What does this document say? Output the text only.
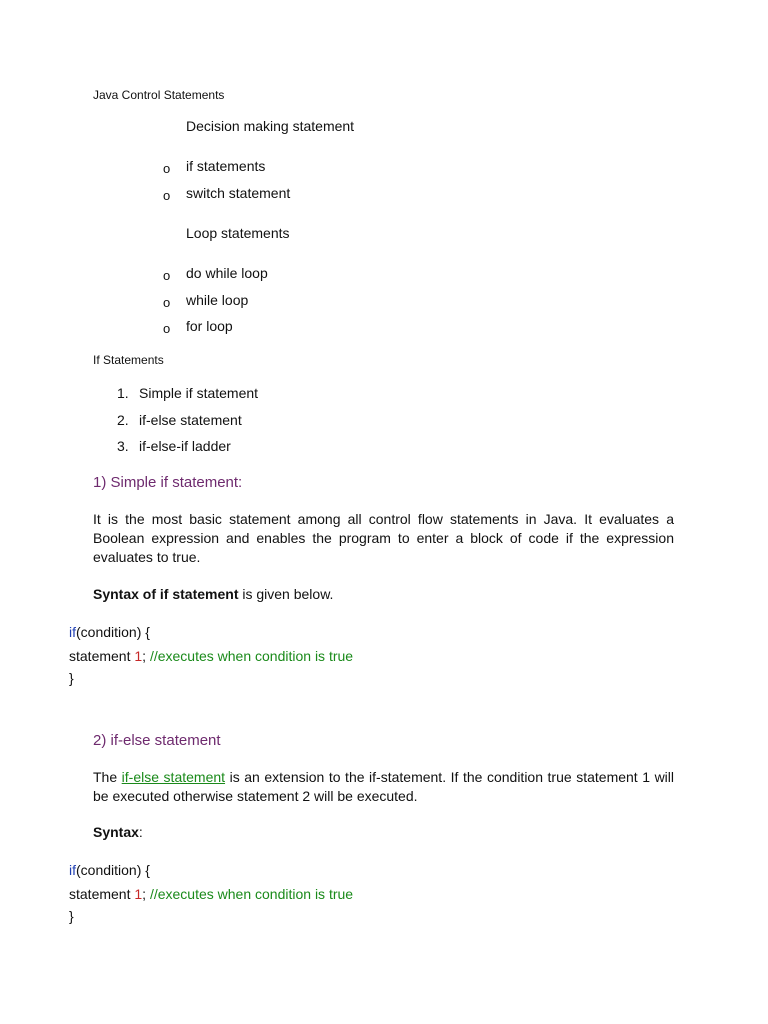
Java Control Statements
Decision making statement
o if statements
o switch statement
Loop statements
o do while loop
o while loop
o for loop
If Statements
1. Simple if statement
2. if-else statement
3. if-else-if ladder
1) Simple if statement:
It is the most basic statement among all control flow statements in Java. It evaluates a Boolean expression and enables the program to enter a block of code if the expression evaluates to true.
Syntax of if statement is given below.
if(condition) {
statement 1; //executes when condition is true
}
2) if-else statement
The if-else statement is an extension to the if-statement. If the condition true statement 1 will be executed otherwise statement 2 will be executed.
Syntax:
if(condition) {
statement 1; //executes when condition is true
}
